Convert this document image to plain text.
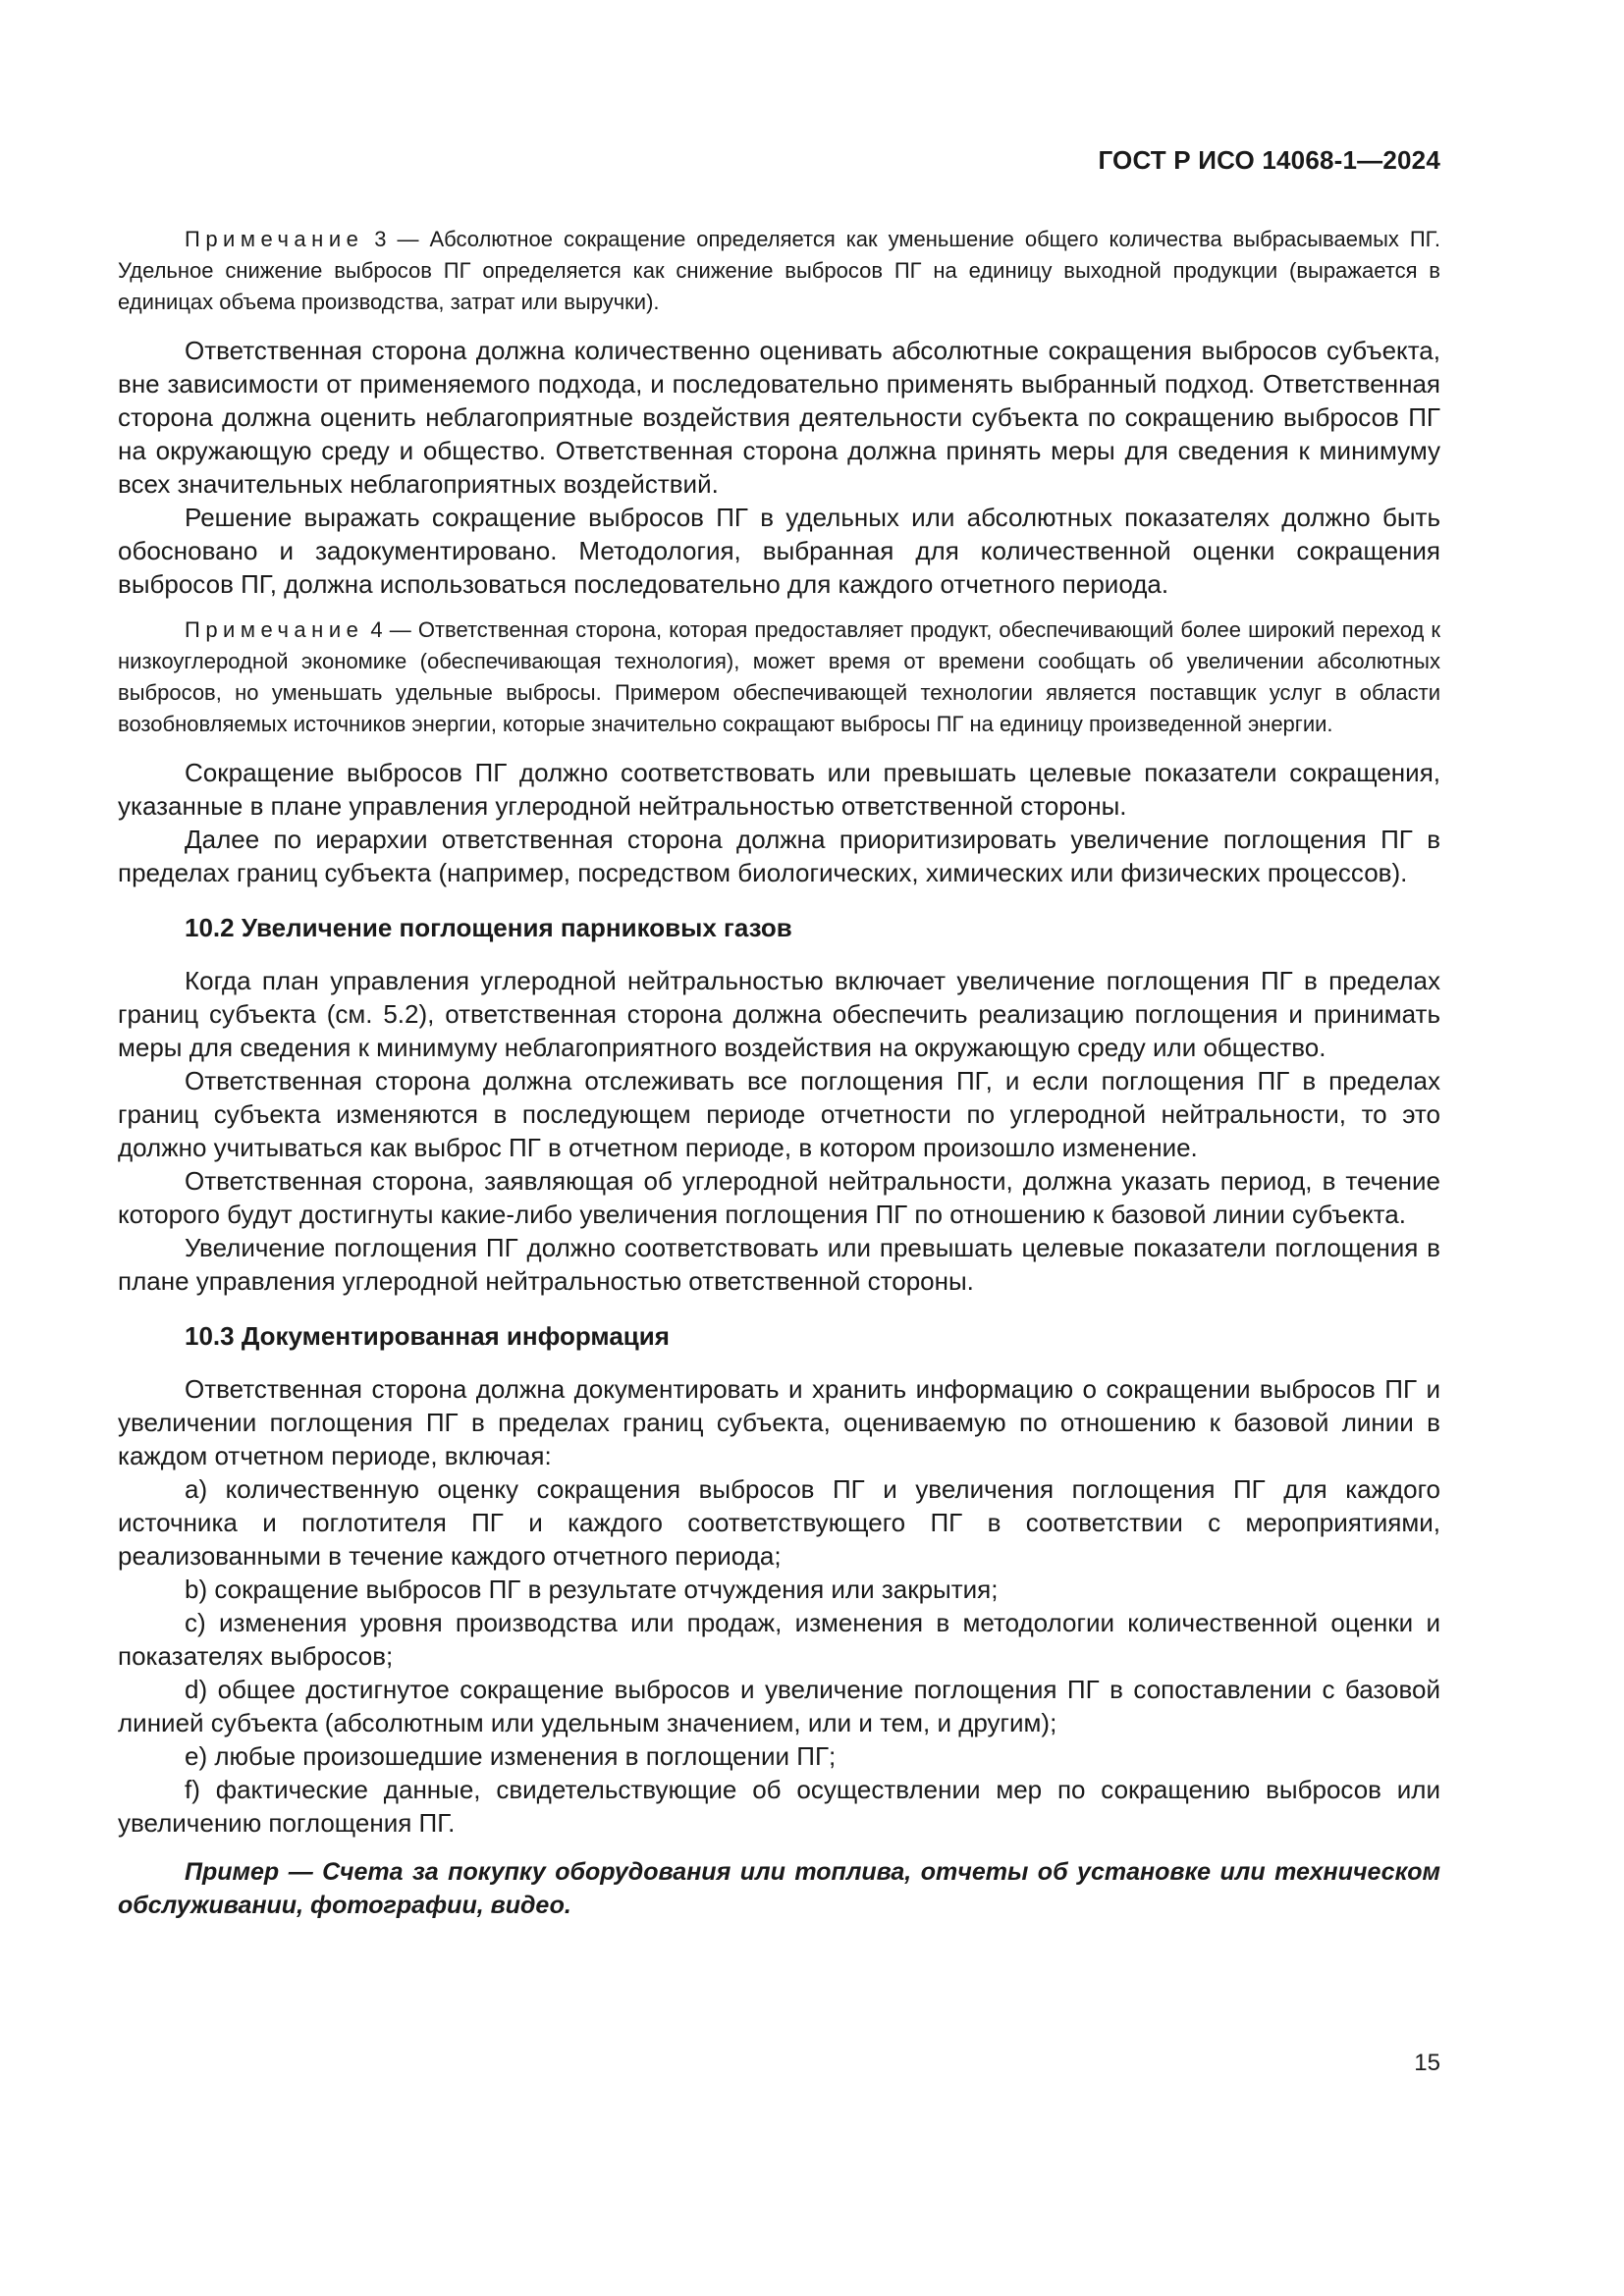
ГОСТ Р ИСО 14068-1—2024

Примечание 3 — Абсолютное сокращение определяется как уменьшение общего количества выбрасываемых ПГ. Удельное снижение выбросов ПГ определяется как снижение выбросов ПГ на единицу выходной продукции (выражается в единицах объема производства, затрат или выручки).

Ответственная сторона должна количественно оценивать абсолютные сокращения выбросов субъекта, вне зависимости от применяемого подхода, и последовательно применять выбранный подход. Ответственная сторона должна оценить неблагоприятные воздействия деятельности субъекта по сокращению выбросов ПГ на окружающую среду и общество. Ответственная сторона должна принять меры для сведения к минимуму всех значительных неблагоприятных воздействий.

Решение выражать сокращение выбросов ПГ в удельных или абсолютных показателях должно быть обосновано и задокументировано. Методология, выбранная для количественной оценки сокращения выбросов ПГ, должна использоваться последовательно для каждого отчетного периода.

Примечание 4 — Ответственная сторона, которая предоставляет продукт, обеспечивающий более широкий переход к низкоуглеродной экономике (обеспечивающая технология), может время от времени сообщать об увеличении абсолютных выбросов, но уменьшать удельные выбросы. Примером обеспечивающей технологии является поставщик услуг в области возобновляемых источников энергии, которые значительно сокращают выбросы ПГ на единицу произведенной энергии.

Сокращение выбросов ПГ должно соответствовать или превышать целевые показатели сокращения, указанные в плане управления углеродной нейтральностью ответственной стороны.

Далее по иерархии ответственная сторона должна приоритизировать увеличение поглощения ПГ в пределах границ субъекта (например, посредством биологических, химических или физических процессов).

10.2 Увеличение поглощения парниковых газов

Когда план управления углеродной нейтральностью включает увеличение поглощения ПГ в пределах границ субъекта (см. 5.2), ответственная сторона должна обеспечить реализацию поглощения и принимать меры для сведения к минимуму неблагоприятного воздействия на окружающую среду или общество.

Ответственная сторона должна отслеживать все поглощения ПГ, и если поглощения ПГ в пределах границ субъекта изменяются в последующем периоде отчетности по углеродной нейтральности, то это должно учитываться как выброс ПГ в отчетном периоде, в котором произошло изменение.

Ответственная сторона, заявляющая об углеродной нейтральности, должна указать период, в течение которого будут достигнуты какие-либо увеличения поглощения ПГ по отношению к базовой линии субъекта.

Увеличение поглощения ПГ должно соответствовать или превышать целевые показатели поглощения в плане управления углеродной нейтральностью ответственной стороны.

10.3 Документированная информация

Ответственная сторона должна документировать и хранить информацию о сокращении выбросов ПГ и увеличении поглощения ПГ в пределах границ субъекта, оцениваемую по отношению к базовой линии в каждом отчетном периоде, включая:

a) количественную оценку сокращения выбросов ПГ и увеличения поглощения ПГ для каждого источника и поглотителя ПГ и каждого соответствующего ПГ в соответствии с мероприятиями, реализованными в течение каждого отчетного периода;

b) сокращение выбросов ПГ в результате отчуждения или закрытия;

c) изменения уровня производства или продаж, изменения в методологии количественной оценки и показателях выбросов;

d) общее достигнутое сокращение выбросов и увеличение поглощения ПГ в сопоставлении с базовой линией субъекта (абсолютным или удельным значением, или и тем, и другим);

e) любые произошедшие изменения в поглощении ПГ;

f) фактические данные, свидетельствующие об осуществлении мер по сокращению выбросов или увеличению поглощения ПГ.

Пример — Счета за покупку оборудования или топлива, отчеты об установке или техническом обслуживании, фотографии, видео.

15
